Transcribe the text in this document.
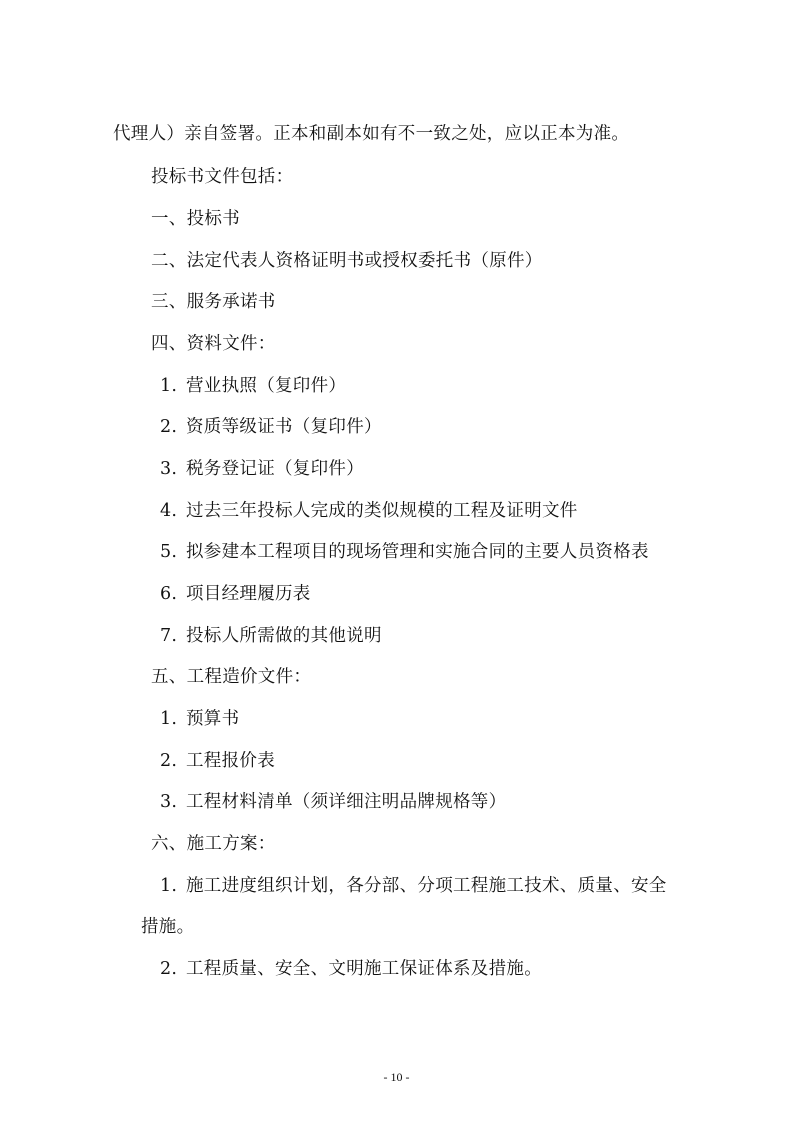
代理人）亲自签署。正本和副本如有不一致之处，应以正本为准。
投标书文件包括：
一、投标书
二、法定代表人资格证明书或授权委托书（原件）
三、服务承诺书
四、资料文件：
1. 营业执照（复印件）
2. 资质等级证书（复印件）
3. 税务登记证（复印件）
4. 过去三年投标人完成的类似规模的工程及证明文件
5. 拟参建本工程项目的现场管理和实施合同的主要人员资格表
6. 项目经理履历表
7. 投标人所需做的其他说明
五、工程造价文件：
1. 预算书
2. 工程报价表
3. 工程材料清单（须详细注明品牌规格等）
六、施工方案：
1. 施工进度组织计划，各分部、分项工程施工技术、质量、安全
措施。
2. 工程质量、安全、文明施工保证体系及措施。
- 10 -
